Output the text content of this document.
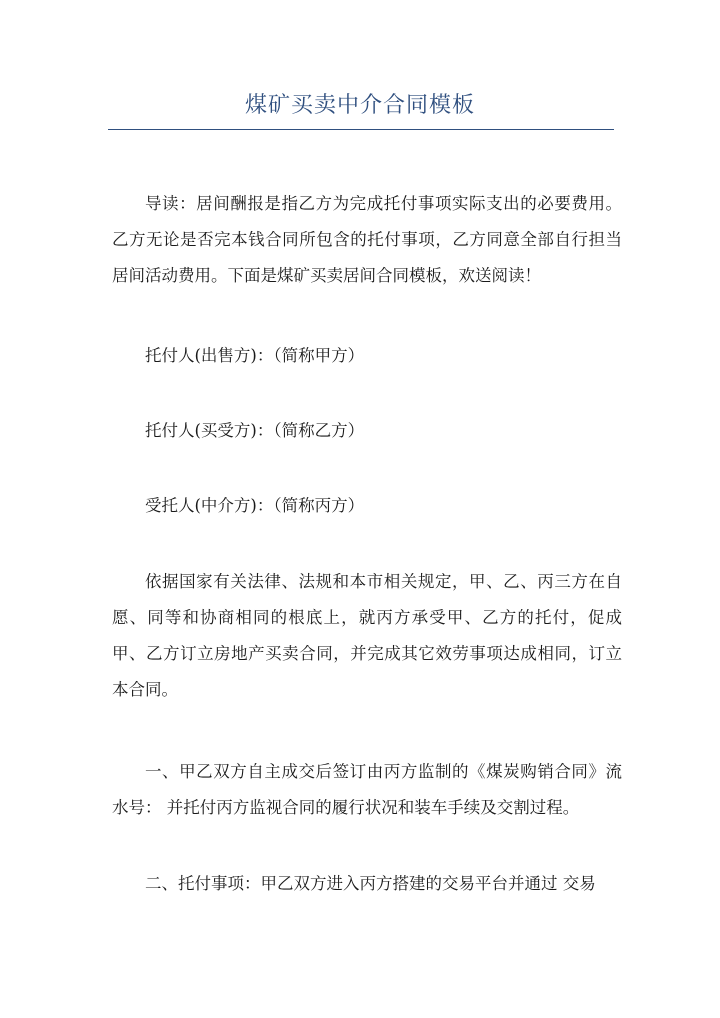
煤矿买卖中介合同模板

导读：居间酬报是指乙方为完成托付事项实际支出的必要费用。乙方无论是否完本钱合同所包含的托付事项，乙方同意全部自行担当居间活动费用。下面是煤矿买卖居间合同模板，欢送阅读！

托付人(出售方)：（简称甲方）

托付人(买受方)：（简称乙方）

受托人(中介方)：（简称丙方）

依据国家有关法律、法规和本市相关规定，甲、乙、丙三方在自愿、同等和协商相同的根底上，就丙方承受甲、乙方的托付，促成甲、乙方订立房地产买卖合同，并完成其它效劳事项达成相同，订立本合同。

一、甲乙双方自主成交后签订由丙方监制的《煤炭购销合同》流水号： 并托付丙方监视合同的履行状况和装车手续及交割过程。

二、托付事项：甲乙双方进入丙方搭建的交易平台并通过 交易
